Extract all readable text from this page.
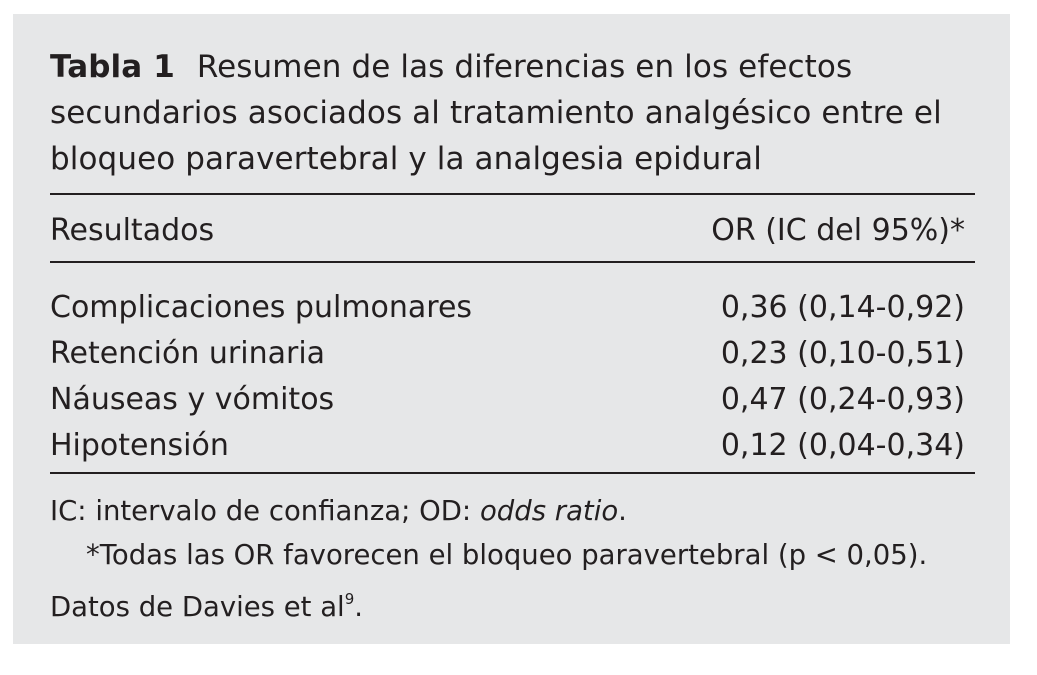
Tabla 1 Resumen de las diferencias en los efectos secundarios asociados al tratamiento analgésico entre el bloqueo paravertebral y la analgesia epidural
Resultados	OR (IC del 95%)*
Complicaciones pulmonares	0,36 (0,14-0,92)
Retención urinaria	0,23 (0,10-0,51)
Náuseas y vómitos	0,47 (0,24-0,93)
Hipotensión	0,12 (0,04-0,34)
IC: intervalo de confianza; OD: odds ratio.
*Todas las OR favorecen el bloqueo paravertebral (p < 0,05).
Datos de Davies et $al^9$.
